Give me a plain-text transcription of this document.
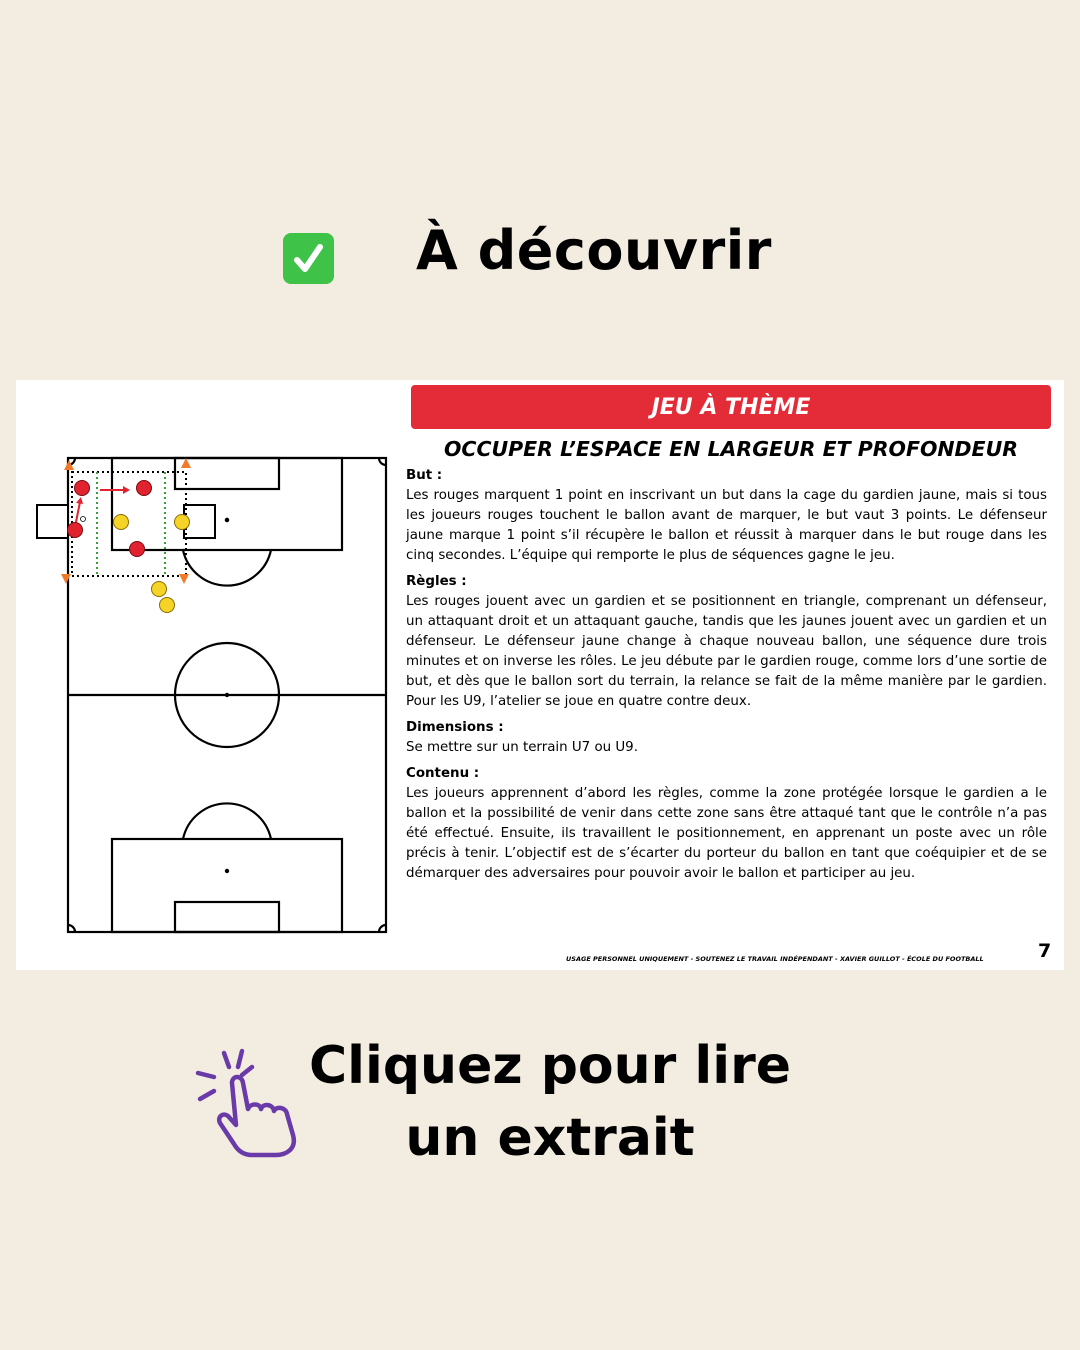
À découvrir
JEU À THÈME
OCCUPER L’ESPACE EN LARGEUR ET PROFONDEUR
But :
Les rouges marquent 1 point en inscrivant un but dans la cage du gardien jaune, mais si tous les joueurs rouges touchent le ballon avant de marquer, le but vaut 3 points. Le défenseur jaune marque 1 point s’il récupère le ballon et réussit à marquer dans le but rouge dans les cinq secondes. L’équipe qui remporte le plus de séquences gagne le jeu.
Règles :
Les rouges jouent avec un gardien et se positionnent en triangle, comprenant un défenseur, un attaquant droit et un attaquant gauche, tandis que les jaunes jouent avec un gardien et un défenseur. Le défenseur jaune change à chaque nouveau ballon, une séquence dure trois minutes et on inverse les rôles. Le jeu débute par le gardien rouge, comme lors d’une sortie de but, et dès que le ballon sort du terrain, la relance se fait de la même manière par le gardien. Pour les U9, l’atelier se joue en quatre contre deux.
Dimensions :
Se mettre sur un terrain U7 ou U9.
Contenu :
Les joueurs apprennent d’abord les règles, comme la zone protégée lorsque le gardien a le ballon et la possibilité de venir dans cette zone sans être attaqué tant que le contrôle n’a pas été effectué. Ensuite, ils travaillent le positionnement, en apprenant un poste avec un rôle précis à tenir. L’objectif est de s’écarter du porteur du ballon en tant que coéquipier et de se démarquer des adversaires pour pouvoir avoir le ballon et participer au jeu.
USAGE PERSONNEL UNIQUEMENT - SOUTENEZ LE TRAVAIL INDÉPENDANT - XAVIER GUILLOT - ÉCOLE DU FOOTBALL	7
Cliquez pour lire
un extrait
